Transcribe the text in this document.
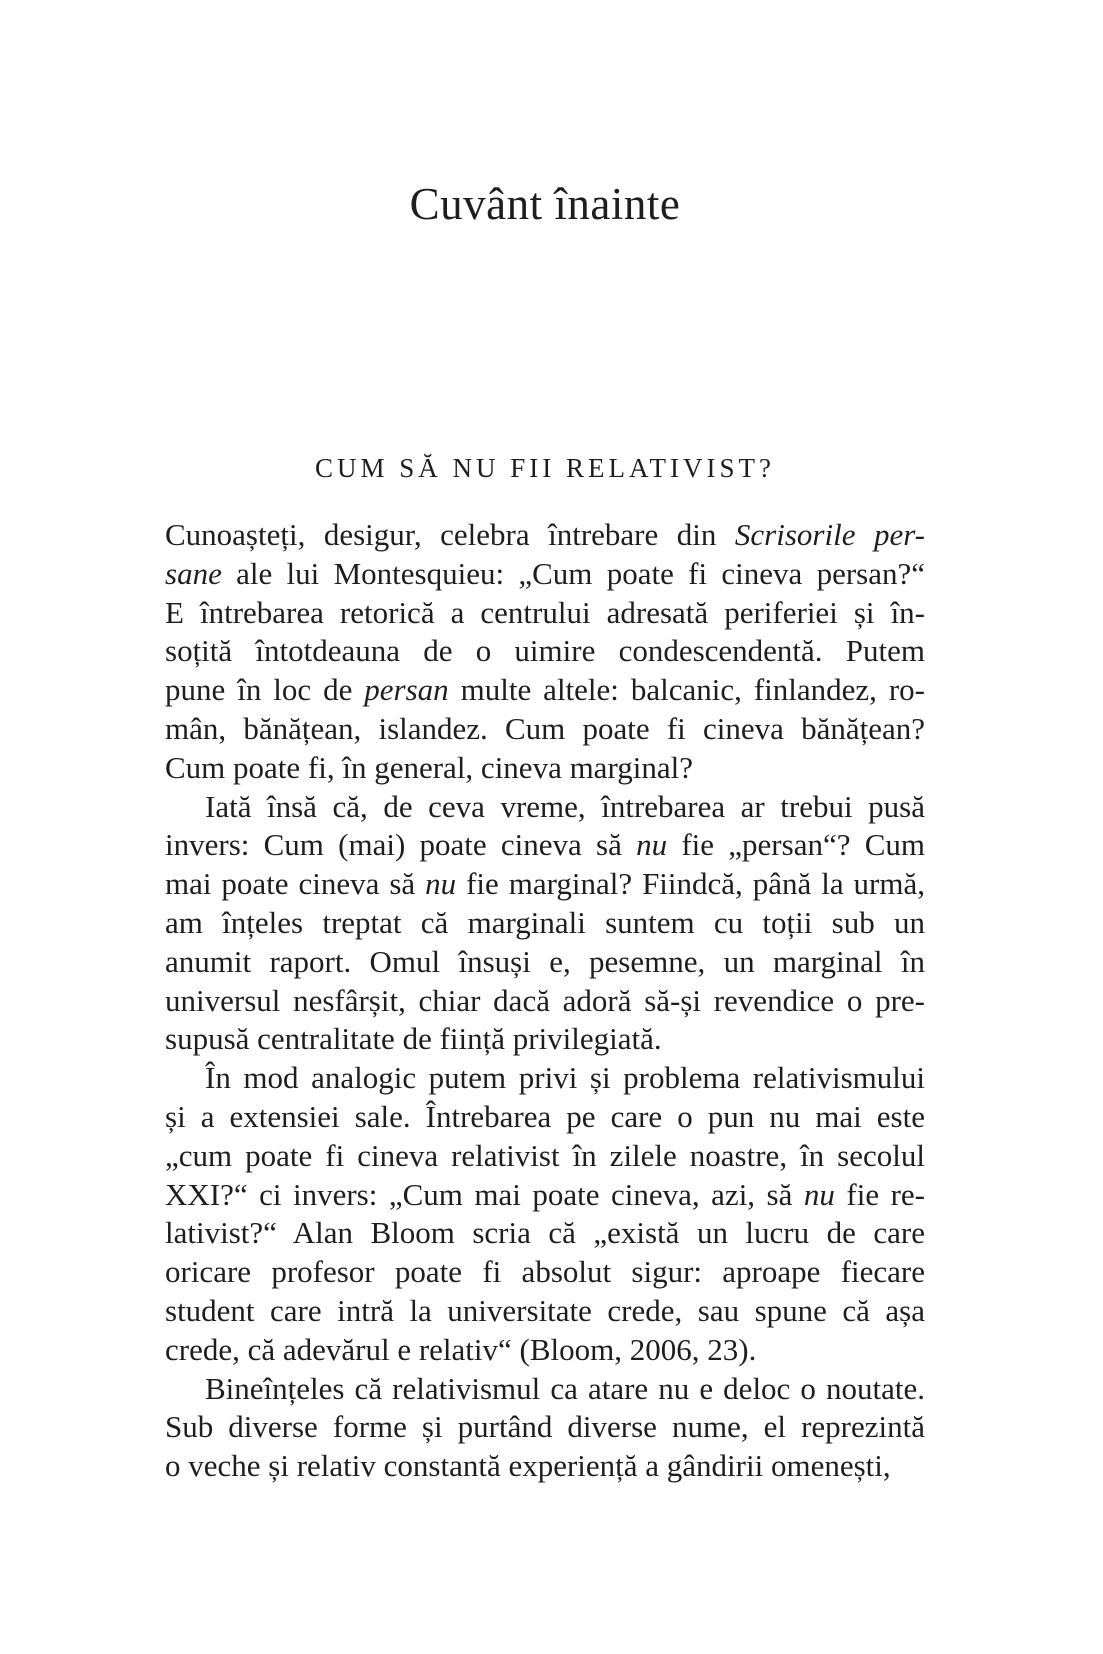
Cuvânt înainte
CUM SĂ NU FII RELATIVIST?
Cunoașteți, desigur, celebra întrebare din Scrisorile per-
sane ale lui Montesquieu: „Cum poate fi cineva persan?“
E întrebarea retorică a centrului adresată periferiei și în-
soțită întotdeauna de o uimire condescendentă. Putem
pune în loc de persan multe altele: balcanic, finlandez, ro-
mân, bănățean, islandez. Cum poate fi cineva bănățean?
Cum poate fi, în general, cineva marginal?
Iată însă că, de ceva vreme, întrebarea ar trebui pusă
invers: Cum (mai) poate cineva să nu fie „persan“? Cum
mai poate cineva să nu fie marginal? Fiindcă, până la urmă,
am înțeles treptat că marginali suntem cu toții sub un
anumit raport. Omul însuși e, pesemne, un marginal în
universul nesfârșit, chiar dacă adoră să-și revendice o pre-
supusă centralitate de ființă privilegiată.
În mod analogic putem privi și problema relativismului
și a extensiei sale. Întrebarea pe care o pun nu mai este
„cum poate fi cineva relativist în zilele noastre, în secolul
XXI?“ ci invers: „Cum mai poate cineva, azi, să nu fie re-
lativist?“ Alan Bloom scria că „există un lucru de care
oricare profesor poate fi absolut sigur: aproape fiecare
student care intră la universitate crede, sau spune că așa
crede, că adevărul e relativ“ (Bloom, 2006, 23).
Bineînțeles că relativismul ca atare nu e deloc o noutate.
Sub diverse forme și purtând diverse nume, el reprezintă
o veche și relativ constantă experiență a gândirii omenești,
